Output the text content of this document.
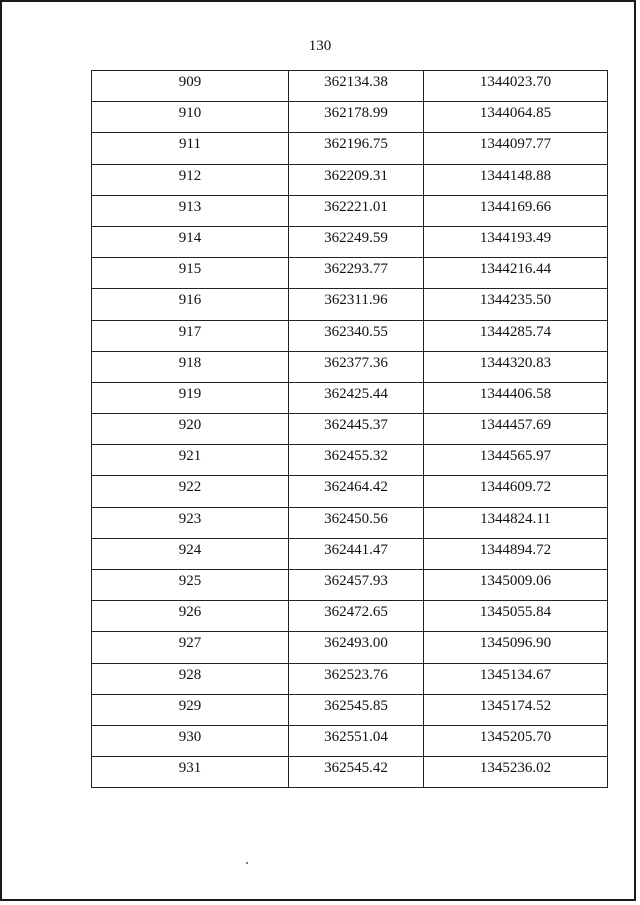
130
909	362134.38	1344023.70
910	362178.99	1344064.85
911	362196.75	1344097.77
912	362209.31	1344148.88
913	362221.01	1344169.66
914	362249.59	1344193.49
915	362293.77	1344216.44
916	362311.96	1344235.50
917	362340.55	1344285.74
918	362377.36	1344320.83
919	362425.44	1344406.58
920	362445.37	1344457.69
921	362455.32	1344565.97
922	362464.42	1344609.72
923	362450.56	1344824.11
924	362441.47	1344894.72
925	362457.93	1345009.06
926	362472.65	1345055.84
927	362493.00	1345096.90
928	362523.76	1345134.67
929	362545.85	1345174.52
930	362551.04	1345205.70
931	362545.42	1345236.02
